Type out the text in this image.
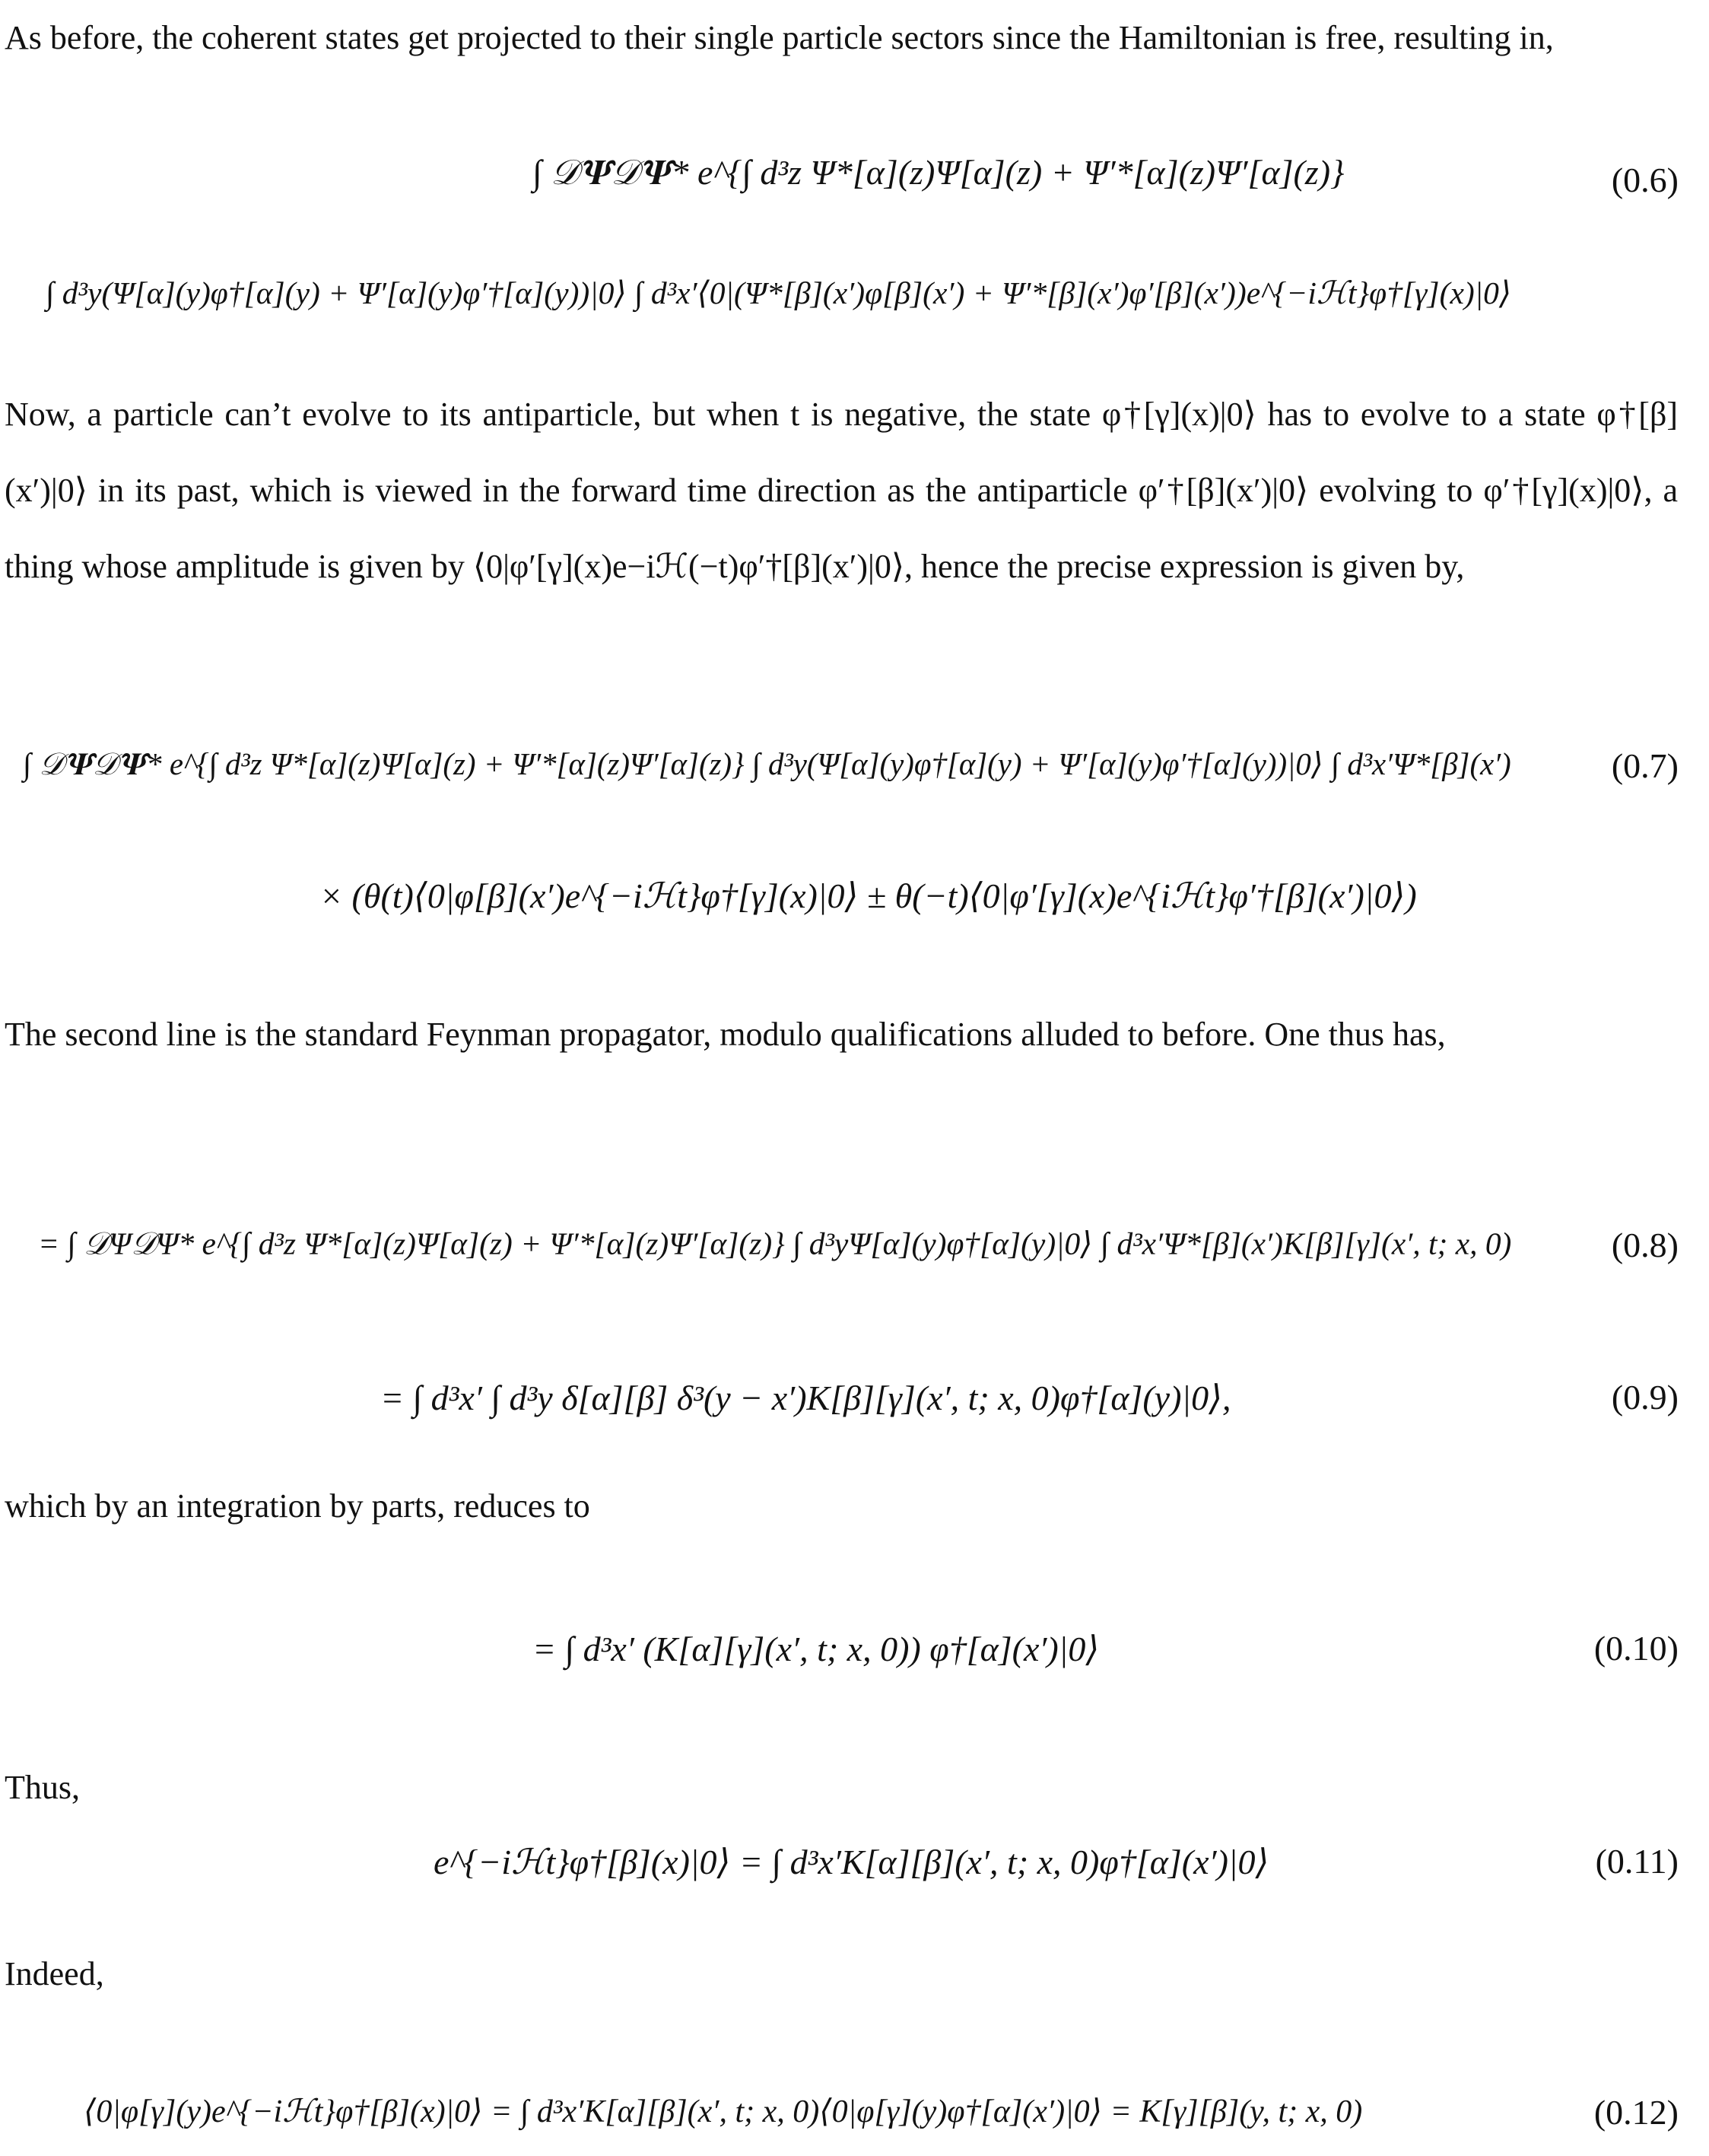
As before, the coherent states get projected to their single particle sectors since the Hamiltonian is free, resulting in,
∫ 𝒟𝚿𝒟𝚿* e^{∫ d³z Ψ*[α](z)Ψ[α](z) + Ψ′*[α](z)Ψ′[α](z)}
∫ d³y(Ψ[α](y)φ†[α](y) + Ψ′[α](y)φ′†[α](y))|0⟩ ∫ d³x′⟨0|(Ψ*[β](x′)φ[β](x′) + Ψ′*[β](x′)φ′[β](x′))e^{−iℋt}φ†[γ](x)|0⟩
(0.6)
Now, a particle can’t evolve to its antiparticle, but when t is negative, the state φ†[γ](x)|0⟩ has to evolve to a state φ†[β](x′)|0⟩ in its past, which is viewed in the forward time direction as the antiparticle φ′†[β](x′)|0⟩ evolving to φ′†[γ](x)|0⟩, a thing whose amplitude is given by ⟨0|φ′[γ](x)e−iℋ(−t)φ′†[β](x′)|0⟩, hence the precise expression is given by,
∫ 𝒟𝚿𝒟𝚿* e^{∫ d³z Ψ*[α](z)Ψ[α](z) + Ψ′*[α](z)Ψ′[α](z)} ∫ d³y(Ψ[α](y)φ†[α](y) + Ψ′[α](y)φ′†[α](y))|0⟩ ∫ d³x′Ψ*[β](x′)
× (θ(t)⟨0|φ[β](x′)e^{−iℋt}φ†[γ](x)|0⟩ ± θ(−t)⟨0|φ′[γ](x)e^{iℋt}φ′†[β](x′)|0⟩)
(0.7)
The second line is the standard Feynman propagator, modulo qualifications alluded to before. One thus has,
= ∫ 𝒟Ψ𝒟Ψ* e^{∫ d³z Ψ*[α](z)Ψ[α](z) + Ψ′*[α](z)Ψ′[α](z)} ∫ d³yΨ[α](y)φ†[α](y)|0⟩ ∫ d³x′Ψ*[β](x′)K[β][γ](x′, t; x, 0)	(0.8)
= ∫ d³x′ ∫ d³y δ[α][β] δ³(y − x′)K[β][γ](x′, t; x, 0)φ†[α](y)|0⟩,	(0.9)
which by an integration by parts, reduces to
= ∫ d³x′ (K[α][γ](x′, t; x, 0)) φ†[α](x′)|0⟩	(0.10)
Thus,
e^{−iℋt}φ†[β](x)|0⟩ = ∫ d³x′K[α][β](x′, t; x, 0)φ†[α](x′)|0⟩	(0.11)
Indeed,
⟨0|φ[γ](y)e^{−iℋt}φ†[β](x)|0⟩ = ∫ d³x′K[α][β](x′, t; x, 0)⟨0|φ[γ](y)φ†[α](x′)|0⟩ = K[γ][β](y, t; x, 0)	(0.12)
